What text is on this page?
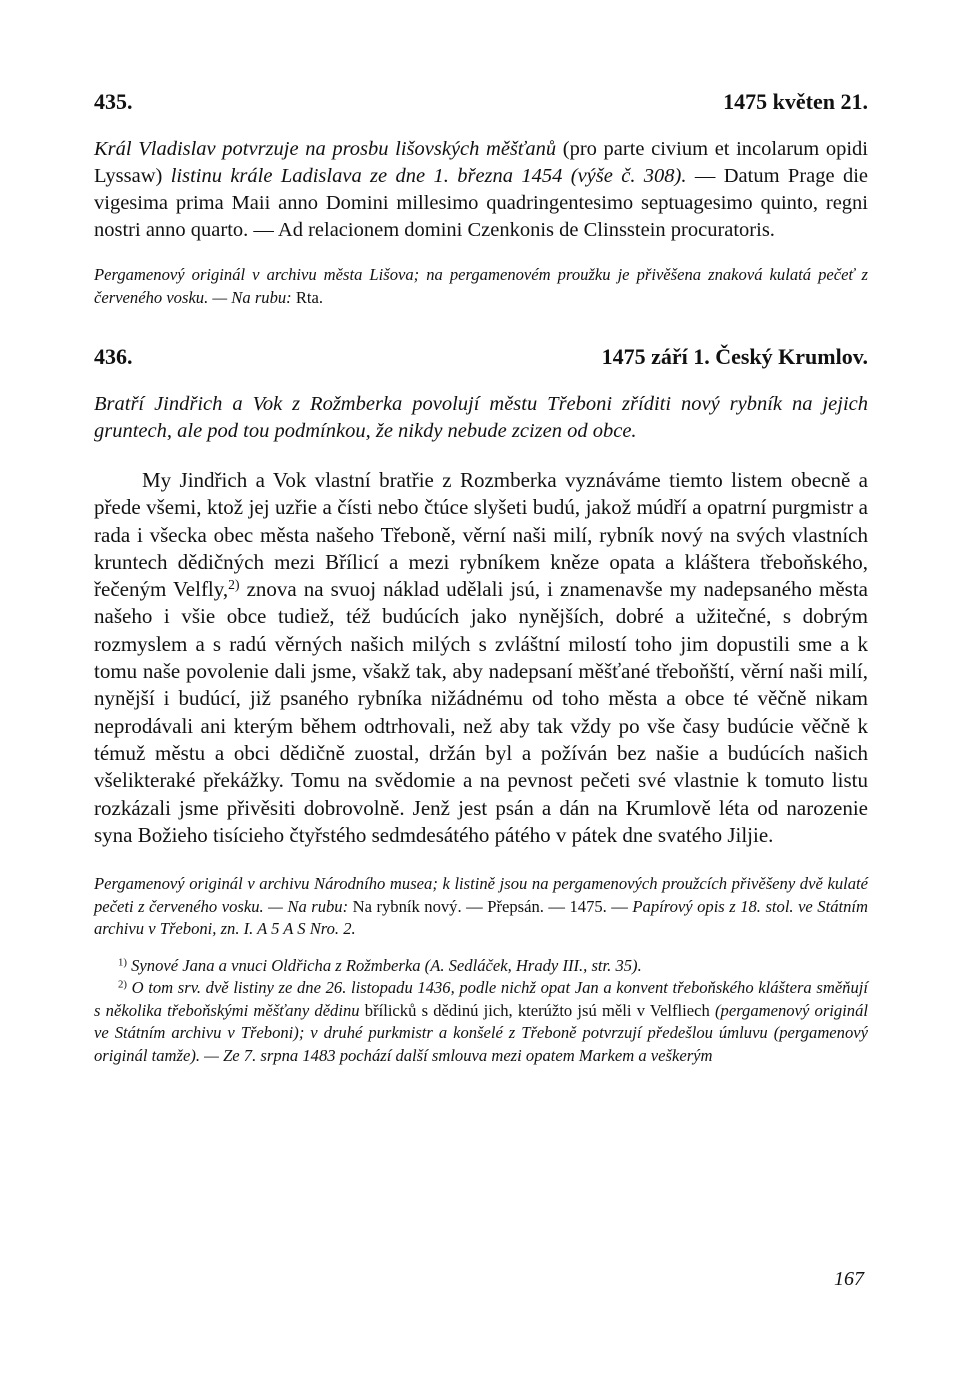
435.	1475 květen 21.

Král Vladislav potvrzuje na prosbu lišovských měšťanů (pro parte civium et incolarum opidi Lyssaw) listinu krále Ladislava ze dne 1. března 1454 (výše č. 308). — Datum Prage die vigesima prima Maii anno Domini millesimo quadringentesimo septuagesimo quinto, regni nostri anno quarto. — Ad relacionem domini Czenkonis de Clinsstein procuratoris.

Pergamenový originál v archivu města Lišova; na pergamenovém proužku je přivěšena znaková kulatá pečeť z červeného vosku. — Na rubu: Rta.

436.	1475 září 1. Český Krumlov.

Bratří Jindřich a Vok z Rožmberka povolují městu Třeboni zříditi nový rybník na jejich gruntech, ale pod tou podmínkou, že nikdy nebude zcizen od obce.

My Jindřich a Vok vlastní bratřie z Rozmberka vyznáváme tiemto listem obecně a přede všemi, ktož jej uzřie a čísti nebo čtúce slyšeti budú, jakož múdří a opatrní purgmistr a rada i všecka obec města našeho Třeboně, věrní naši milí, rybník nový na svých vlastních kruntech dědičných mezi Břílicí a mezi rybníkem kněze opata a kláštera třeboňského, řečeným Velfly,$^{2)}$ znova na svuoj náklad udělali jsú, i znamenavše my nadepsaného města našeho i všie obce tudiež, též budúcích jako nynějších, dobré a užitečné, s dobrým rozmyslem a s radú věrných našich milých s zvláštní milostí toho jim dopustili sme a k tomu naše povolenie dali jsme, všakž tak, aby nadepsaní měšťané třeboňští, věrní naši milí, nynější i budúcí, již psaného rybníka nižádnému od toho města a obce té věčně nikam neprodávali ani kterým během odtrhovali, než aby tak vždy po vše časy budúcie věčně k témuž městu a obci dědičně zuostal, držán byl a požíván bez našie a budúcích našich všelikteraké překážky. Tomu na svědomie a na pevnost pečeti své vlastnie k tomuto listu rozkázali jsme přivěsiti dobrovolně. Jenž jest psán a dán na Krumlově léta od narozenie syna Božieho tisícieho čtyřstého sedmdesátého pátého v pátek dne svatého Jiljie.

Pergamenový originál v archivu Národního musea; k listině jsou na pergamenových proužcích přivěšeny dvě kulaté pečeti z červeného vosku. — Na rubu: Na rybník nový. — Přepsán. — 1475. — Papírový opis z 18. stol. ve Státním archivu v Třeboni, zn. I. A 5 A S Nro. 2.

$^{1)}$ Synové Jana a vnuci Oldřicha z Rožmberka (A. Sedláček, Hrady III., str. 35).

$^{2)}$ O tom srv. dvě listiny ze dne 26. listopadu 1436, podle nichž opat Jan a konvent třeboňského kláštera směňují s několika třeboňskými měšťany dědinu břílicků s dědinú jich, kterúžto jsú měli v Velfliech (pergamenový originál ve Státním archivu v Třeboni); v druhé purkmistr a konšelé z Třeboně potvrzují předešlou úmluvu (pergamenový originál tamže). — Ze 7. srpna 1483 pochází další smlouva mezi opatem Markem a veškerým

167
